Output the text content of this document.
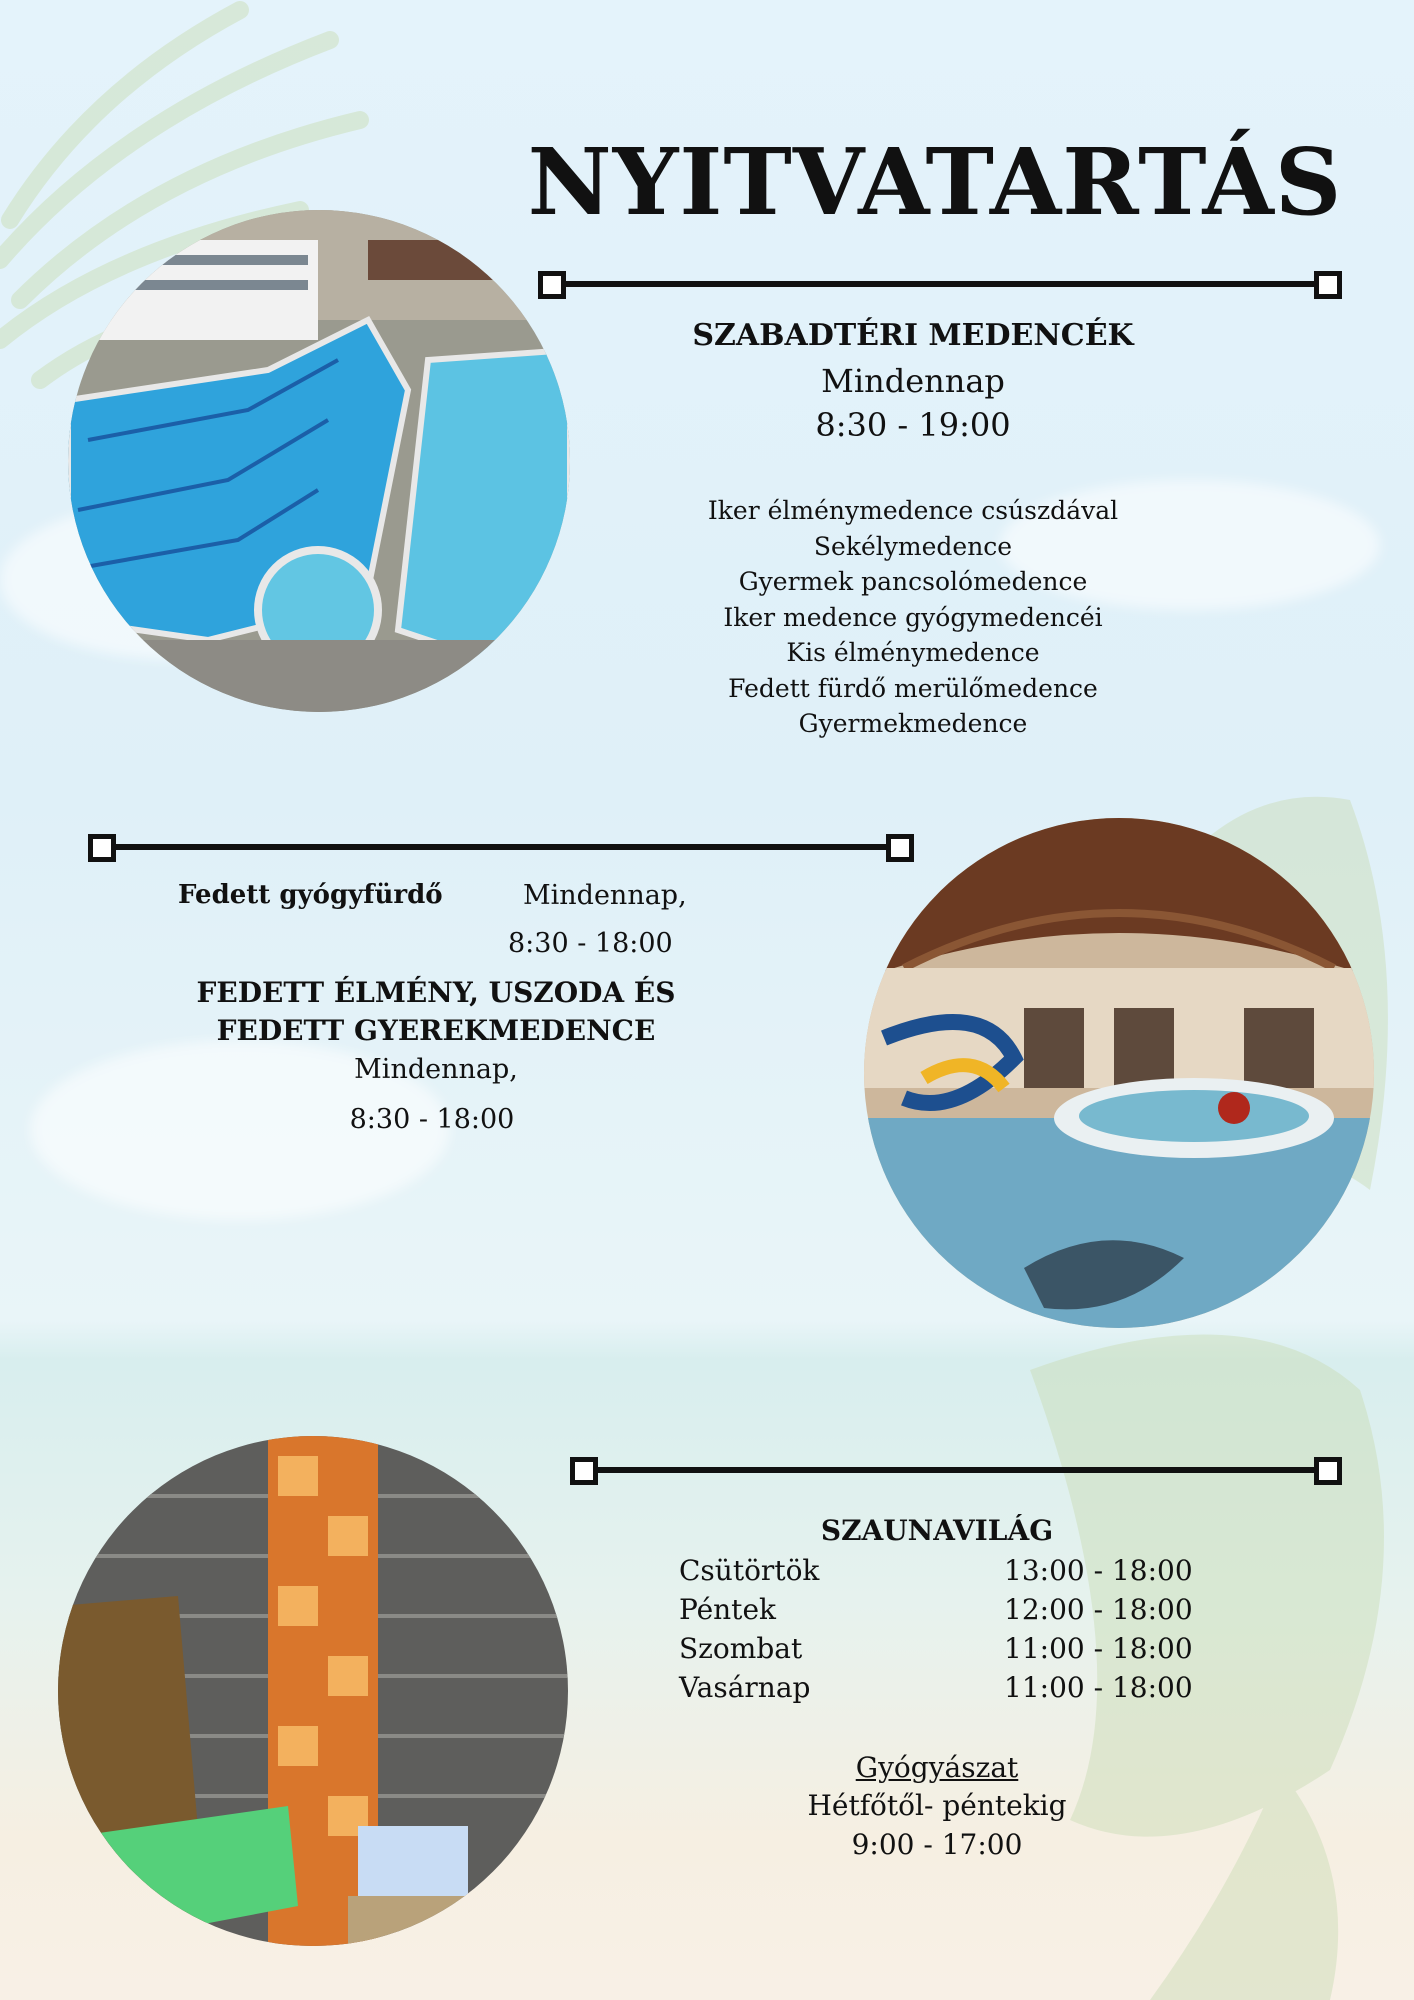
NYITVATARTÁS
SZABADTÉRI MEDENCÉK
Mindennap
8:30 - 19:00
Iker élménymedence csúszdával
Sekélymedence
Gyermek pancsolómedence
Iker medence gyógymedencéi
Kis élménymedence
Fedett fürdő merülőmedence
Gyermekmedence
Fedett gyógyfürdő	Mindennap,
8:30 - 18:00
FEDETT ÉLMÉNY, USZODA ÉS
FEDETT GYEREKMEDENCE
Mindennap,
8:30 - 18:00
SZAUNAVILÁG
Csütörtök	13:00 - 18:00
Péntek	12:00 - 18:00
Szombat	11:00 - 18:00
Vasárnap	11:00 - 18:00
Gyógyászat
Hétfőtől- péntekig
9:00 - 17:00
